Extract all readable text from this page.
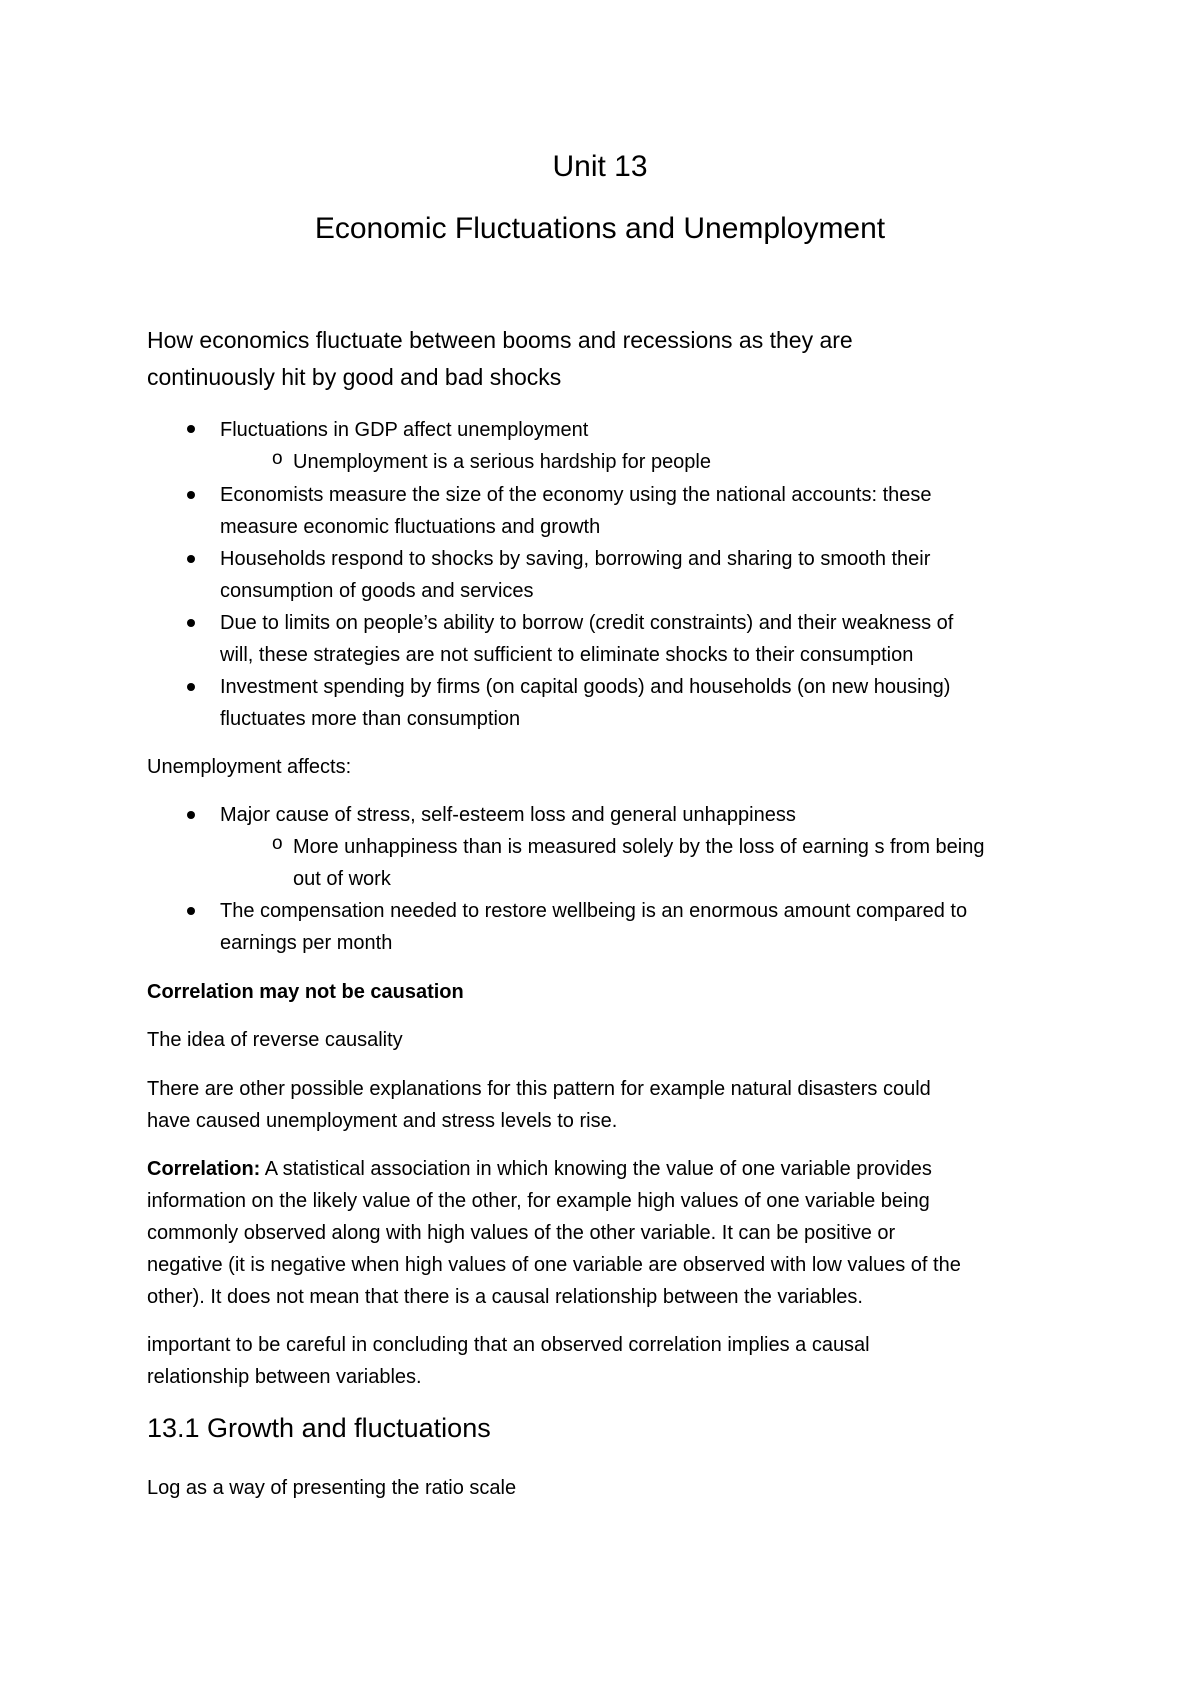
Unit 13
Economic Fluctuations and Unemployment
How economics fluctuate between booms and recessions as they are
continuously hit by good and bad shocks
Fluctuations in GDP affect unemployment
o Unemployment is a serious hardship for people
Economists measure the size of the economy using the national accounts: these
measure economic fluctuations and growth
Households respond to shocks by saving, borrowing and sharing to smooth their
consumption of goods and services
Due to limits on people’s ability to borrow (credit constraints) and their weakness of
will, these strategies are not sufficient to eliminate shocks to their consumption
Investment spending by firms (on capital goods) and households (on new housing)
fluctuates more than consumption
Unemployment affects:
Major cause of stress, self-esteem loss and general unhappiness
o More unhappiness than is measured solely by the loss of earning s from being
out of work
The compensation needed to restore wellbeing is an enormous amount compared to
earnings per month
Correlation may not be causation
The idea of reverse causality
There are other possible explanations for this pattern for example natural disasters could
have caused unemployment and stress levels to rise.
Correlation: A statistical association in which knowing the value of one variable provides
information on the likely value of the other, for example high values of one variable being
commonly observed along with high values of the other variable. It can be positive or
negative (it is negative when high values of one variable are observed with low values of the
other). It does not mean that there is a causal relationship between the variables.
important to be careful in concluding that an observed correlation implies a causal
relationship between variables.
13.1 Growth and fluctuations
Log as a way of presenting the ratio scale
